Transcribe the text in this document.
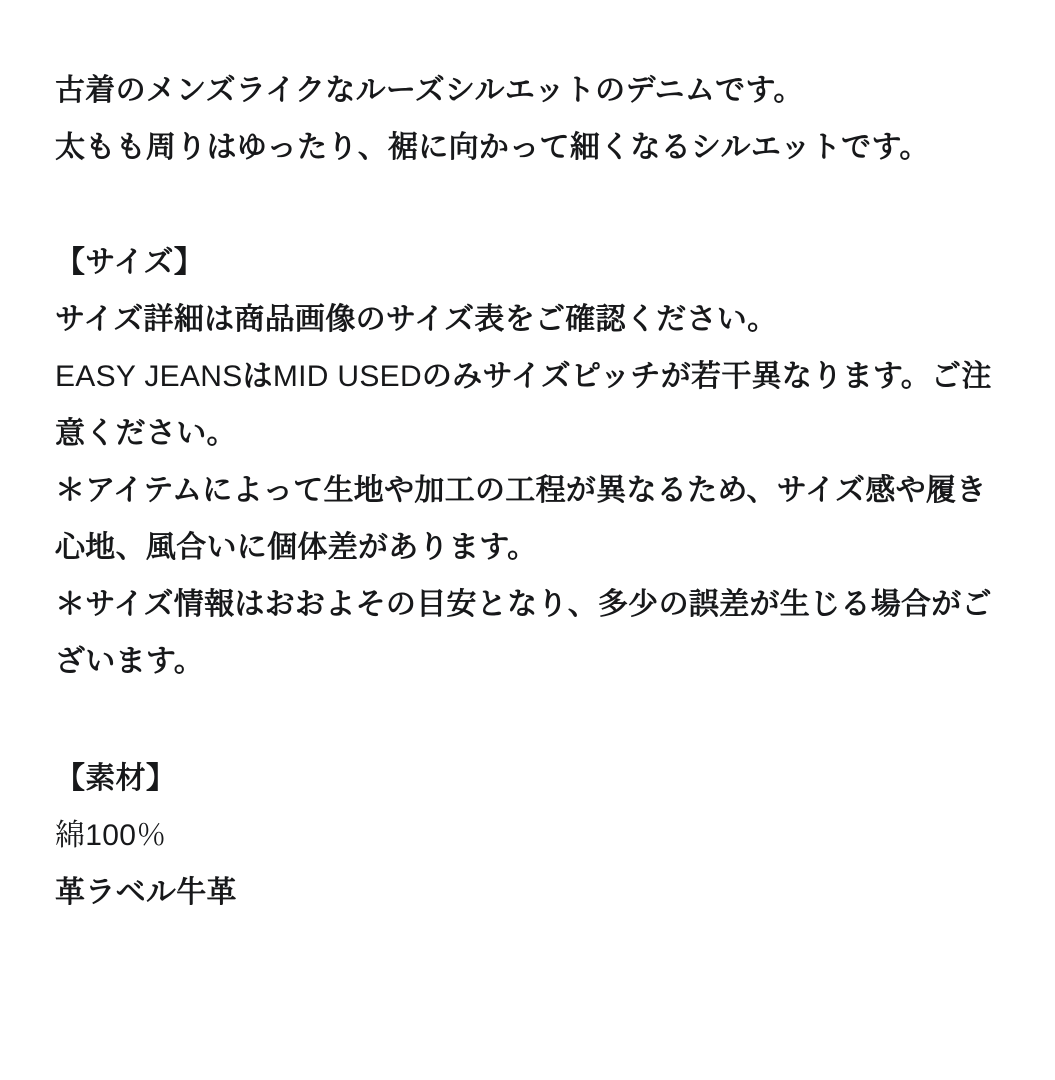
古着のメンズライクなルーズシルエットのデニムです。

太もも周りはゆったり、裾に向かって細くなるシルエットです。

【サイズ】

サイズ詳細は商品画像のサイズ表をご確認ください。

EASY JEANSはMID USEDのみサイズピッチが若干異なります。ご注意ください。

＊アイテムによって生地や加工の工程が異なるため、サイズ感や履き心地、風合いに個体差があります。

＊サイズ情報はおおよその目安となり、多少の誤差が生じる場合がございます。

【素材】

綿100％

革ラベル牛革
